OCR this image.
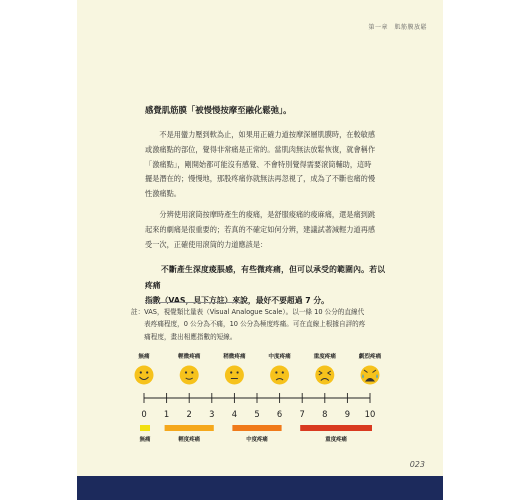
第一章　肌筋膜放鬆
感覺肌筋膜「被慢慢按摩至融化鬆弛」。
　　不是用蠻力壓到軟為止，如果用正確力道按摩深層肌膜時，在較敏感
或激痛點的部位，覺得非常痛是正常的。當肌肉無法放鬆恢復，就會稱作
「激痛點」，剛開始都可能沒有感覺、不會特別覺得需要滾筒輔助，這時
擺是潛在的；慢慢地，那股疼痛你就無法再忽視了，成為了不斷也痛的慢
性激痛點。
　　分辨使用滾筒按摩時產生的痠痛，是舒服痠痛的痠麻痛，還是痛到跳
起來的劇痛是很重要的；若真的不確定如何分辨，建議試著減輕力道再感
受一次，正確使用滾筒的力道應該是：
　　不斷產生深度痠脹感，有些微疼痛，但可以承受的範圍內。若以疼痛
指數（VAS，見下方註）來說，最好不要超過 7 分。
註：VAS，視覺類比量表（Visual Analogue Scale）。以一條 10 公分的直線代
　　表疼痛程度，0 公分為不痛，10 公分為極度疼痛。可在直線上根據自評的疼
　　痛程度，畫出相應指數的短線。
無痛	輕微疼痛	稍微疼痛	中度疼痛	重度疼痛	劇烈疼痛
0 1 2 3 4 5 6 7 8 9 10
無痛	輕度疼痛	中度疼痛	重度疼痛
023
